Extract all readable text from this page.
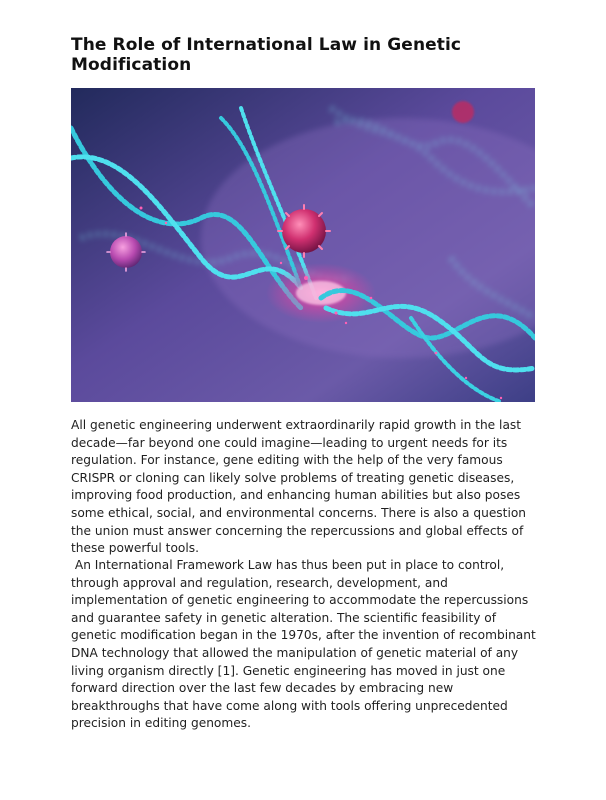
The Role of International Law in Genetic Modification

All genetic engineering underwent extraordinarily rapid growth in the last decade—far beyond one could imagine—leading to urgent needs for its regulation. For instance, gene editing with the help of the very famous CRISPR or cloning can likely solve problems of treating genetic diseases, improving food production, and enhancing human abilities but also poses some ethical, social, and environmental concerns. There is also a question the union must answer concerning the repercussions and global effects of these powerful tools.

An International Framework Law has thus been put in place to control, through approval and regulation, research, development, and implementation of genetic engineering to accommodate the repercussions and guarantee safety in genetic alteration. The scientific feasibility of genetic modification began in the 1970s, after the invention of recombinant DNA technology that allowed the manipulation of genetic material of any living organism directly [1]. Genetic engineering has moved in just one forward direction over the last few decades by embracing new breakthroughs that have come along with tools offering unprecedented precision in editing genomes.
